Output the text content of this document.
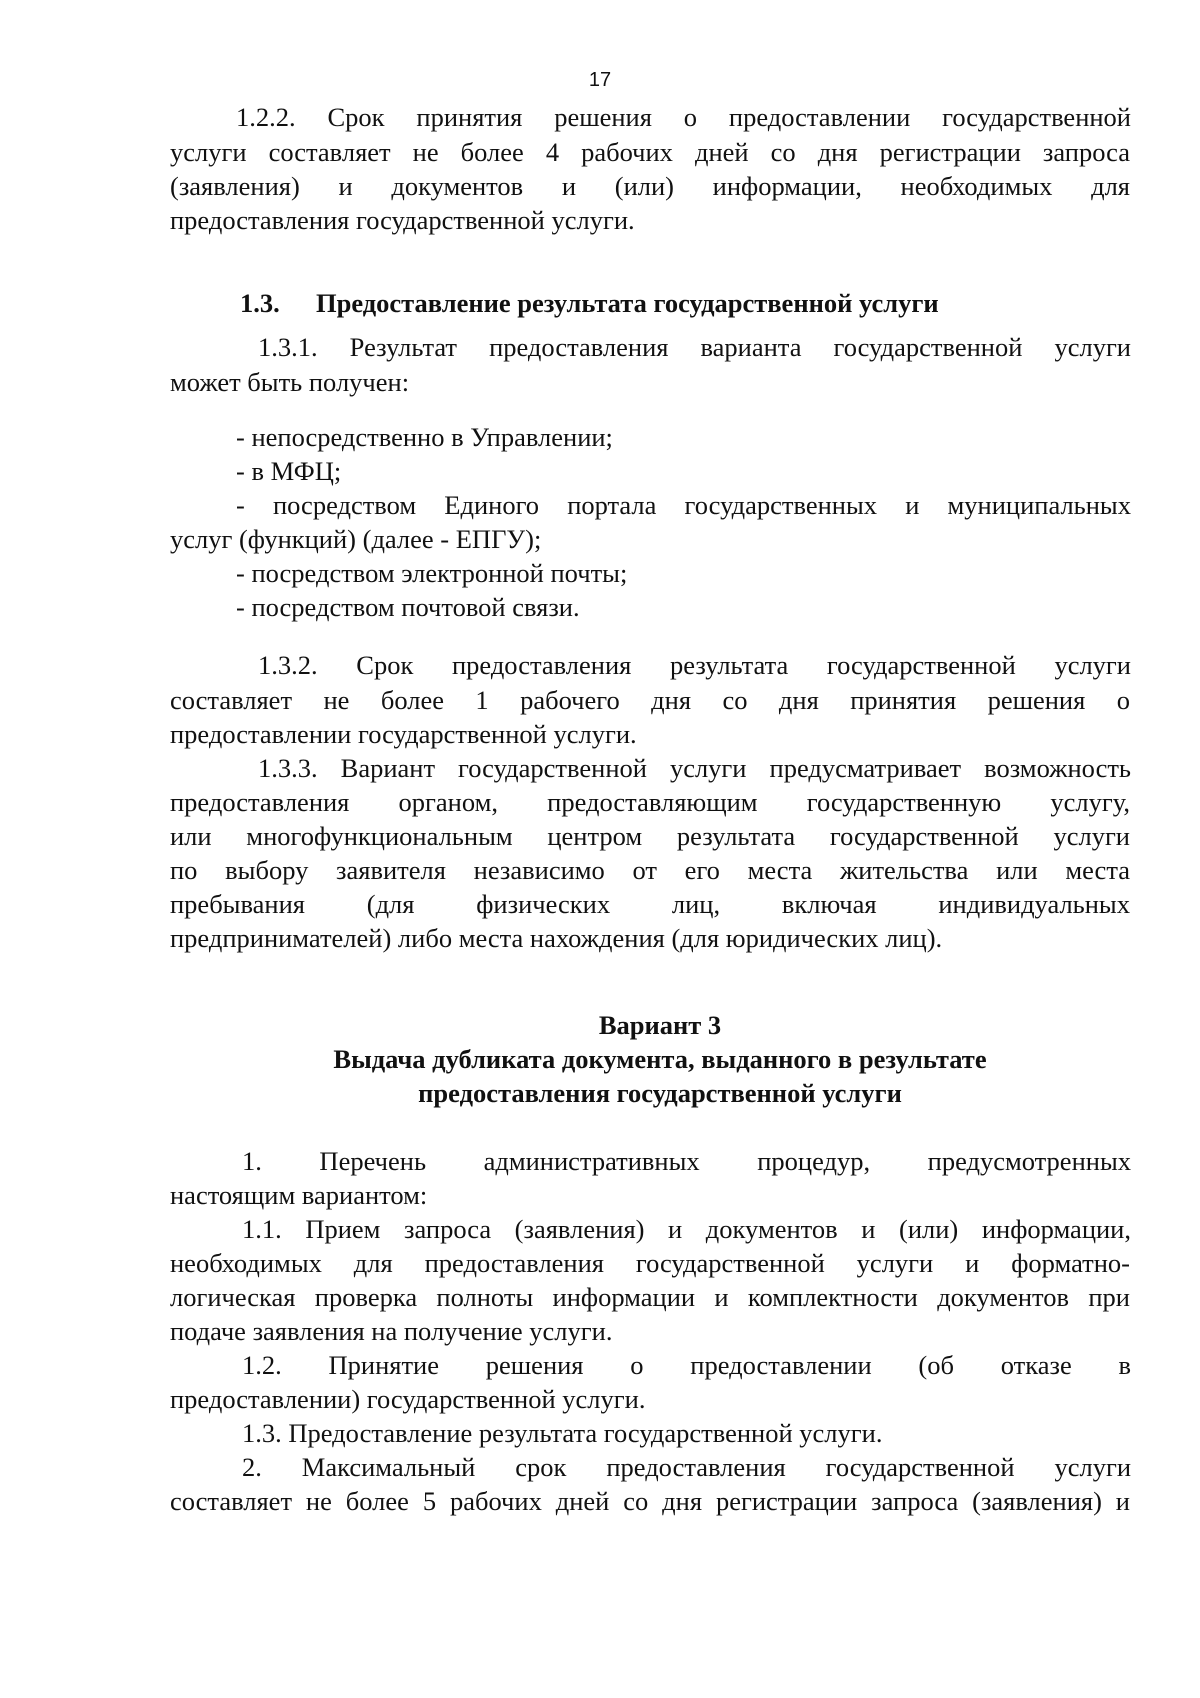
17
1.2.2. Срок принятия решения о предоставлении государственной
услуги составляет не более 4 рабочих дней со дня регистрации запроса
(заявления) и документов и (или) информации, необходимых для
предоставления государственной услуги.
1.3. Предоставление результата государственной услуги
1.3.1. Результат предоставления варианта государственной услуги
может быть получен:
- непосредственно в Управлении;
- в МФЦ;
- посредством Единого портала государственных и муниципальных
услуг (функций) (далее - ЕПГУ);
- посредством электронной почты;
- посредством почтовой связи.
1.3.2. Срок предоставления результата государственной услуги
составляет не более 1 рабочего дня со дня принятия решения о
предоставлении государственной услуги.
1.3.3. Вариант государственной услуги предусматривает возможность
предоставления органом, предоставляющим государственную услугу,
или многофункциональным центром результата государственной услуги
по выбору заявителя независимо от его места жительства или места
пребывания (для физических лиц, включая индивидуальных
предпринимателей) либо места нахождения (для юридических лиц).
Вариант 3
Выдача дубликата документа, выданного в результате
предоставления государственной услуги
1. Перечень административных процедур, предусмотренных
настоящим вариантом:
1.1. Прием запроса (заявления) и документов и (или) информации,
необходимых для предоставления государственной услуги и форматно-
логическая проверка полноты информации и комплектности документов при
подаче заявления на получение услуги.
1.2. Принятие решения о предоставлении (об отказе в
предоставлении) государственной услуги.
1.3. Предоставление результата государственной услуги.
2. Максимальный срок предоставления государственной услуги
составляет не более 5 рабочих дней со дня регистрации запроса (заявления) и
